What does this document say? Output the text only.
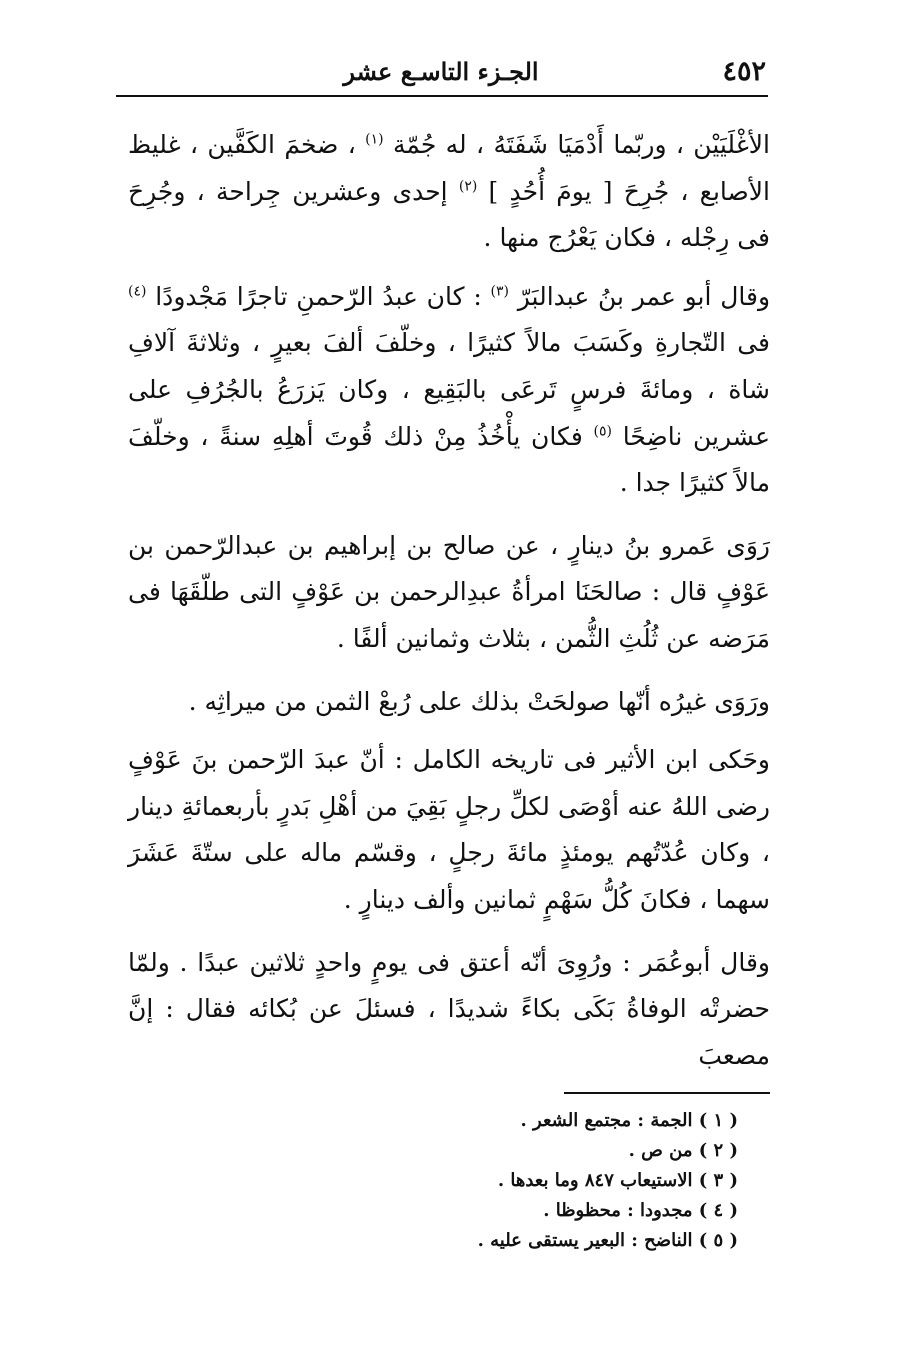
٤٥٢
الجـزء التاسـع عشر

الأغْلَيَيْن ، وربّما أَدْمَيَا شَفَتَهُ ، له جُمّة $^{(١)}$ ، ضخمَ الكَفَّين ، غليظ الأصابع ، جُرِحَ [ يومَ أُحُدٍ ] $^{(٢)}$ إحدى وعشرين جِراحة ، وجُرِحَ فى رِجْله ، فكان يَعْرُج منها .

وقال أبو عمر بنُ عبدالبَرّ $^{(٣)}$ : كان عبدُ الرّحمنِ تاجرًا مَجْدودًا $^{(٤)}$ فى التّجارةِ وكَسَبَ مالاً كثيرًا ، وخلّفَ ألفَ بعيرٍ ، وثلاثةَ آلافِ شاة ، ومائةَ فرسٍ تَرعَى بالبَقِيع ، وكان يَزرَعُ بالجُرُفِ على عشرين ناضِحًا $^{(٥)}$ فكان يأْخُذُ مِنْ ذلك قُوتَ أهلِهِ سنةً ، وخلّفَ مالاً كثيرًا جدا .

رَوَى عَمرو بنُ دينارٍ ، عن صالح بن إبراهيم بن عبدالرّحمن بن عَوْفٍ قال : صالحَنَا امرأةُ عبدِالرحمن بن عَوْفٍ التى طلّقَهَا فى مَرَضه عن ثُلُثِ الثُّمن ، بثلاث وثمانين ألفًا .

ورَوَى غيرُه أنّها صولحَتْ بذلك على رُبعْ الثمن من ميراثِه .

وحَكى ابن الأثير فى تاريخه الكامل : أنّ عبدَ الرّحمن بنَ عَوْفٍ رضى اللهُ عنه أوْصَى لكلِّ رجلٍ بَقِيَ من أهْلِ بَدرٍ بأربعمائةِ دينار ، وكان عُدّتُهم يومئذٍ مائةَ رجلٍ ، وقسّم ماله على ستّةَ عَشَرَ سهما ، فكانَ كُلُّ سَهْمٍ ثمانين وألف دينارٍ .

وقال أبوعُمَر : ورُوِىَ أنّه أعتق فى يومٍ واحدٍ ثلاثين عبدًا . ولمّا حضرتْه الوفاةُ بَكَى بكاءً شديدًا ، فسئلَ عن بُكائه فقال : إنَّ مصعبَ

( ١ ) الجمة : مجتمع الشعر .

( ٢ ) من ص .

( ٣ ) الاستيعاب ٨٤٧ وما بعدها .

( ٤ ) مجدودا : محظوظا .

( ٥ ) الناضح : البعير يستقى عليه .
